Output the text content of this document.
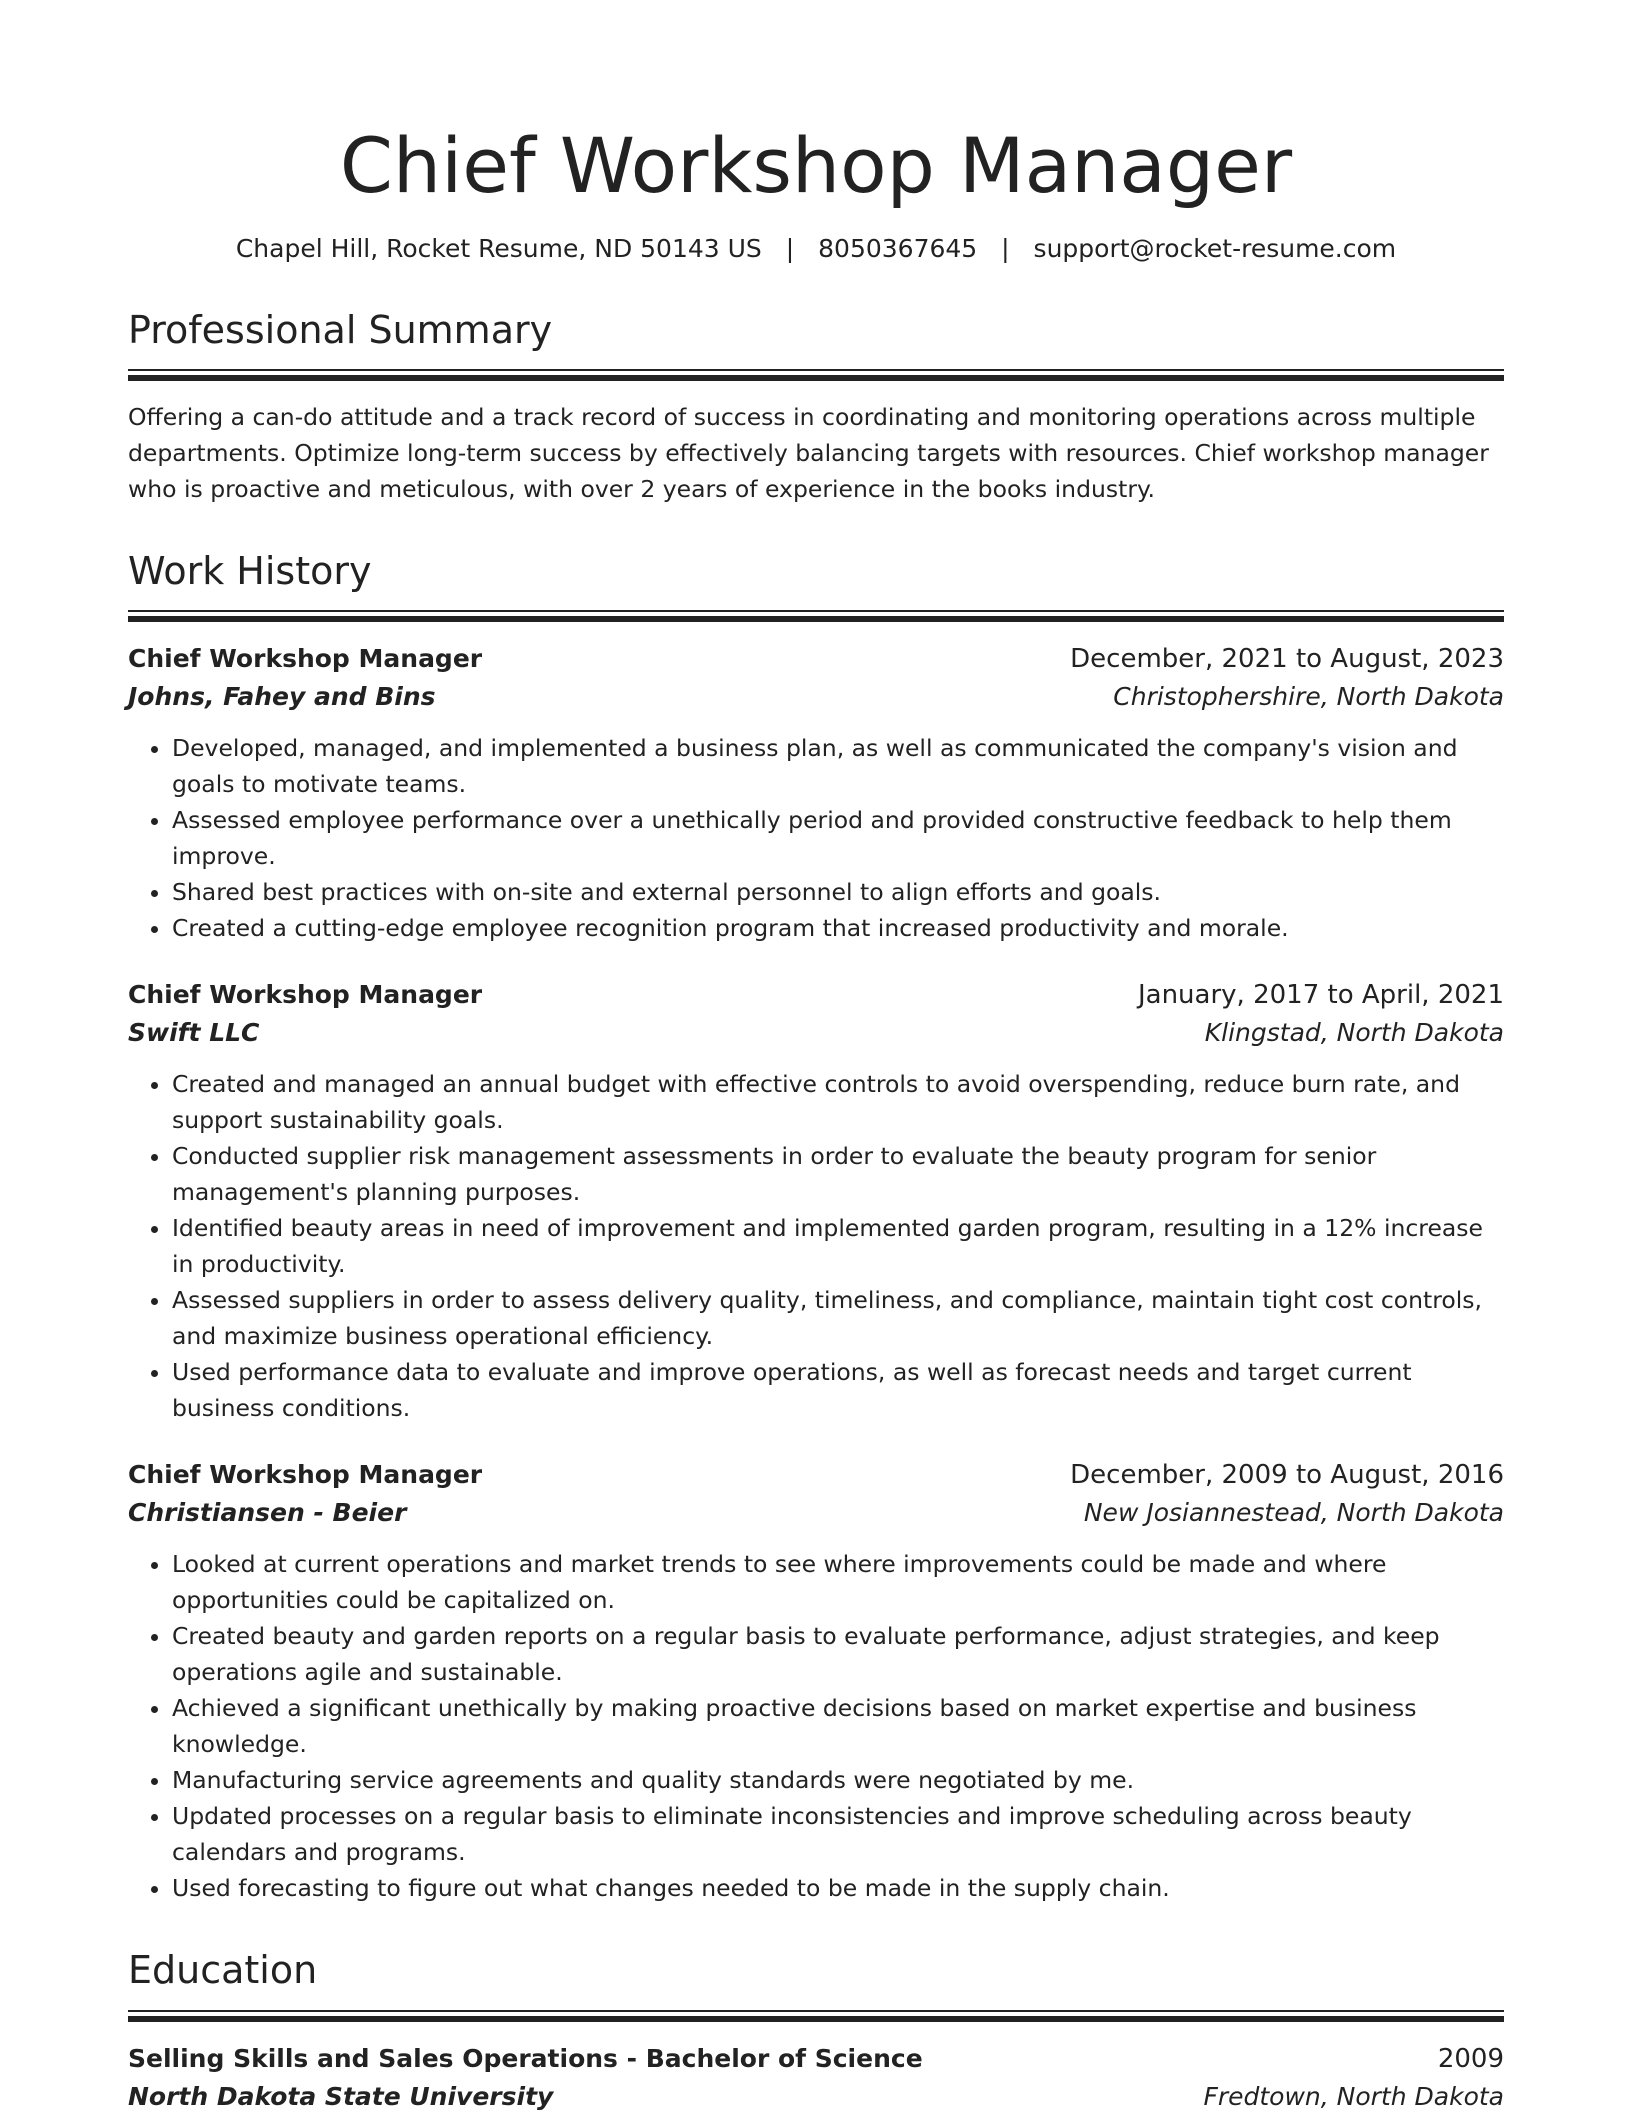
Chief Workshop Manager
Chapel Hill, Rocket Resume, ND 50143 US | 8050367645 | support@rocket-resume.com
Professional Summary

Offering a can-do attitude and a track record of success in coordinating and monitoring operations across multiple departments. Optimize long-term success by effectively balancing targets with resources. Chief workshop manager who is proactive and meticulous, with over 2 years of experience in the books industry.

Work History
Chief Workshop Manager	December, 2021 to August, 2023
Johns, Fahey and Bins	Christophershire, North Dakota
• Developed, managed, and implemented a business plan, as well as communicated the company's vision and goals to motivate teams.
• Assessed employee performance over a unethically period and provided constructive feedback to help them improve.
• Shared best practices with on-site and external personnel to align efforts and goals.
• Created a cutting-edge employee recognition program that increased productivity and morale.
Chief Workshop Manager	January, 2017 to April, 2021
Swift LLC	Klingstad, North Dakota
• Created and managed an annual budget with effective controls to avoid overspending, reduce burn rate, and support sustainability goals.
• Conducted supplier risk management assessments in order to evaluate the beauty program for senior management's planning purposes.
• Identified beauty areas in need of improvement and implemented garden program, resulting in a 12% increase in productivity.
• Assessed suppliers in order to assess delivery quality, timeliness, and compliance, maintain tight cost controls, and maximize business operational efficiency.
• Used performance data to evaluate and improve operations, as well as forecast needs and target current business conditions.
Chief Workshop Manager	December, 2009 to August, 2016
Christiansen - Beier	New Josiannestead, North Dakota
• Looked at current operations and market trends to see where improvements could be made and where opportunities could be capitalized on.
• Created beauty and garden reports on a regular basis to evaluate performance, adjust strategies, and keep operations agile and sustainable.
• Achieved a significant unethically by making proactive decisions based on market expertise and business knowledge.
• Manufacturing service agreements and quality standards were negotiated by me.
• Updated processes on a regular basis to eliminate inconsistencies and improve scheduling across beauty calendars and programs.
• Used forecasting to figure out what changes needed to be made in the supply chain.
Education
Selling Skills and Sales Operations - Bachelor of Science	2009
North Dakota State University	Fredtown, North Dakota
